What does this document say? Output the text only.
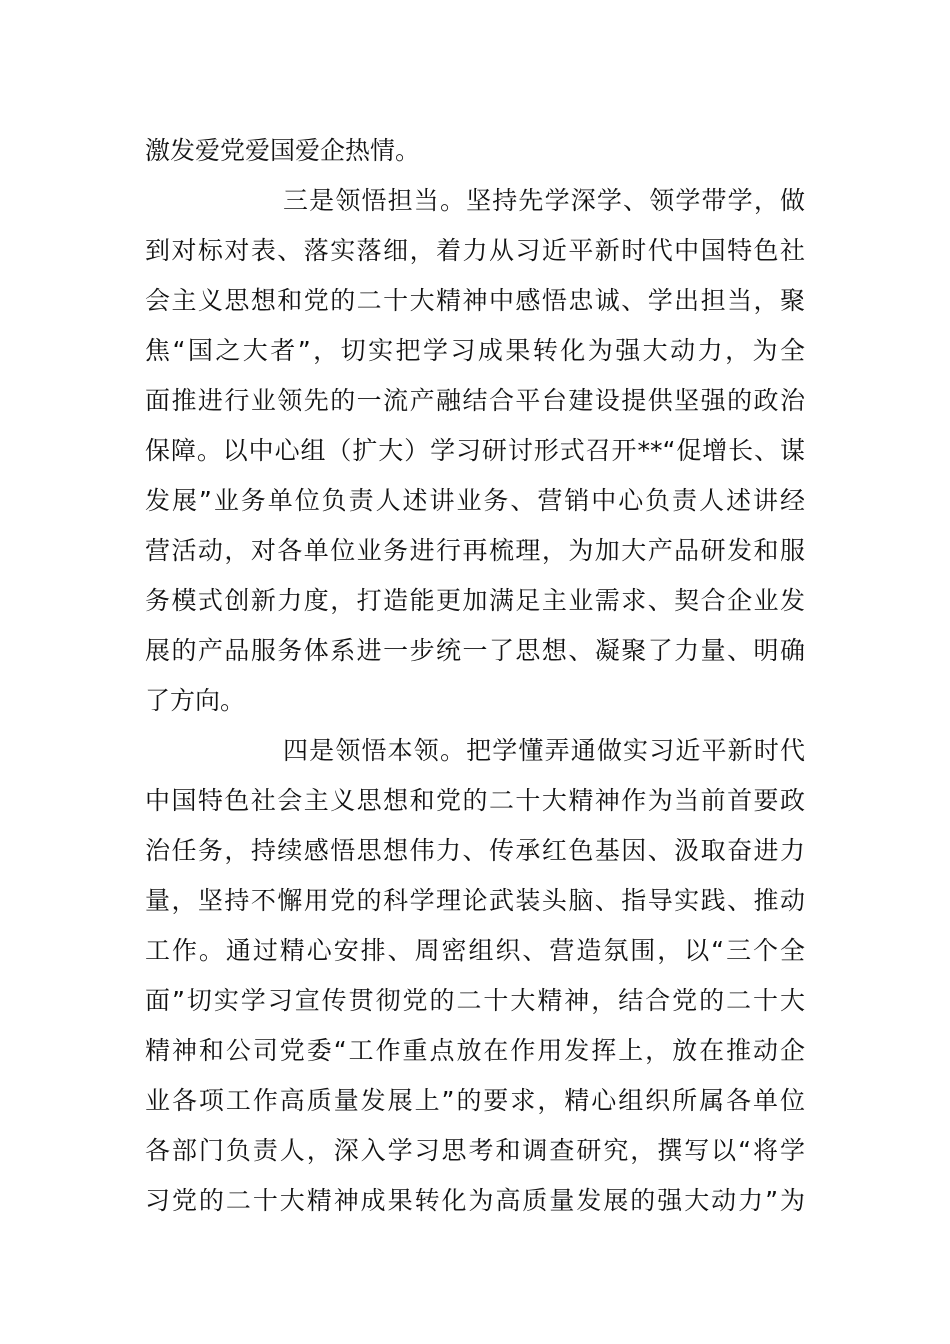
激发爱党爱国爱企热情。
三是领悟担当。坚持先学深学、领学带学，做
到对标对表、落实落细，着力从习近平新时代中国特色社
会主义思想和党的二十大精神中感悟忠诚、学出担当，聚
焦“国之大者”，切实把学习成果转化为强大动力，为全
面推进行业领先的一流产融结合平台建设提供坚强的政治
保障。以中心组（扩大）学习研讨形式召开**“促增长、谋
发展”业务单位负责人述讲业务、营销中心负责人述讲经
营活动，对各单位业务进行再梳理，为加大产品研发和服
务模式创新力度，打造能更加满足主业需求、契合企业发
展的产品服务体系进一步统一了思想、凝聚了力量、明确
了方向。
四是领悟本领。把学懂弄通做实习近平新时代
中国特色社会主义思想和党的二十大精神作为当前首要政
治任务，持续感悟思想伟力、传承红色基因、汲取奋进力
量，坚持不懈用党的科学理论武装头脑、指导实践、推动
工作。通过精心安排、周密组织、营造氛围，以“三个全
面”切实学习宣传贯彻党的二十大精神，结合党的二十大
精神和公司党委“工作重点放在作用发挥上，放在推动企
业各项工作高质量发展上”的要求，精心组织所属各单位
各部门负责人，深入学习思考和调查研究，撰写以“将学
习党的二十大精神成果转化为高质量发展的强大动力”为
